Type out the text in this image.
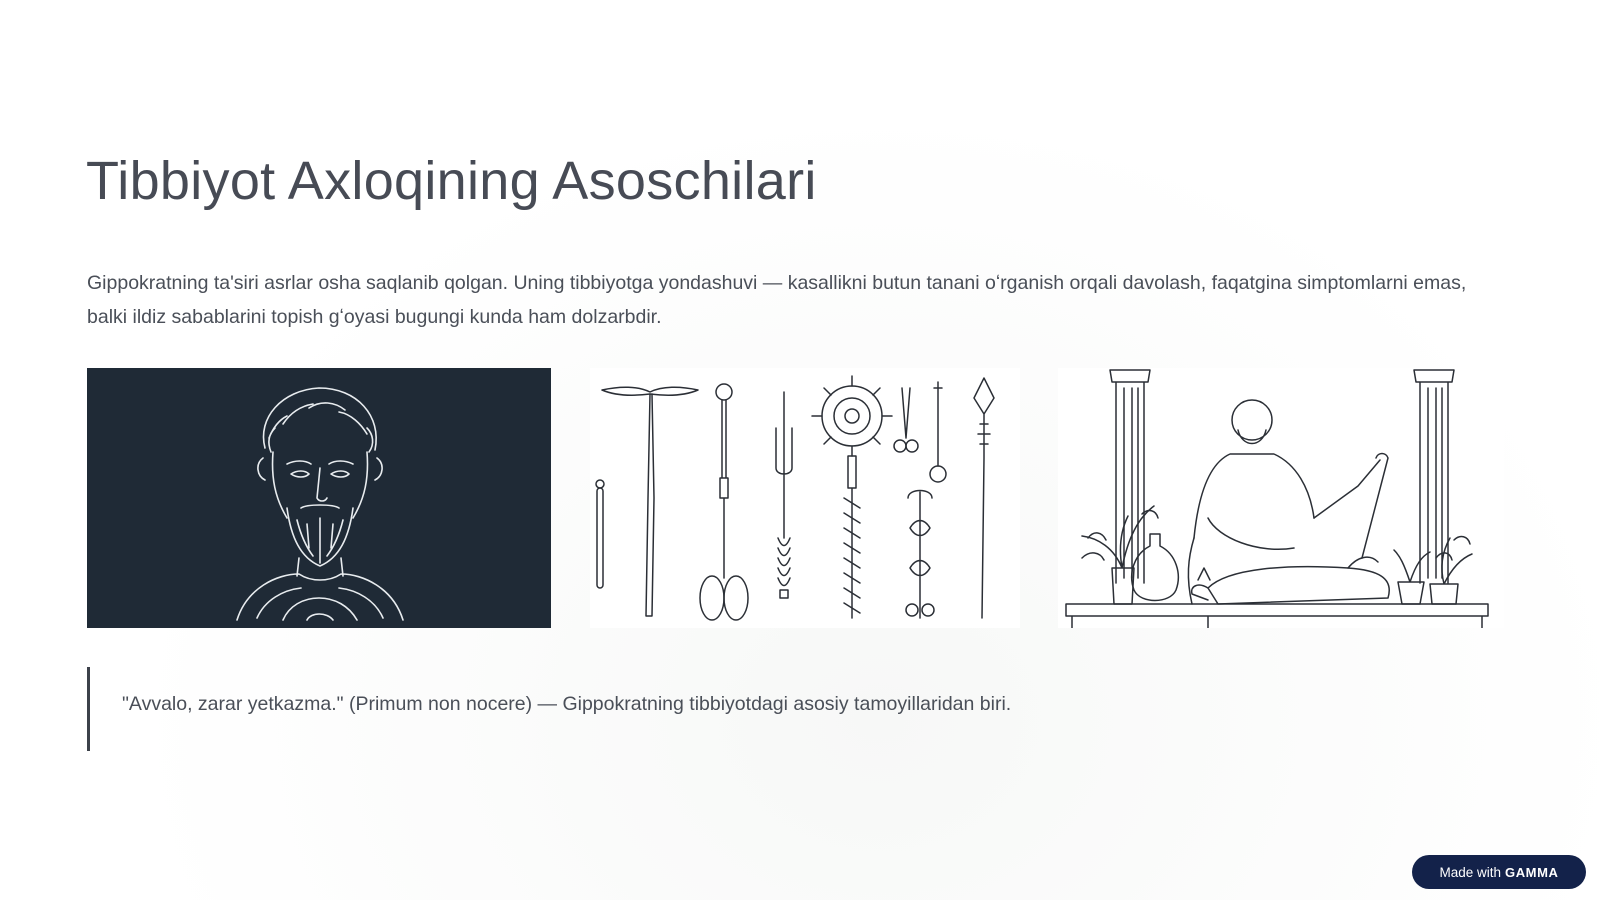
Tibbiyot Axloqining Asoschilari

Gippokratning ta'siri asrlar osha saqlanib qolgan. Uning tibbiyotga yondashuvi — kasallikni butun tanani oʻrganish orqali davolash, faqatgina simptomlarni emas, balki ildiz sabablarini topish gʻoyasi bugungi kunda ham dolzarbdir.

"Avvalo, zarar yetkazma." (Primum non nocere) — Gippokratning tibbiyotdagi asosiy tamoyillaridan biri.

Made with GAMMA
